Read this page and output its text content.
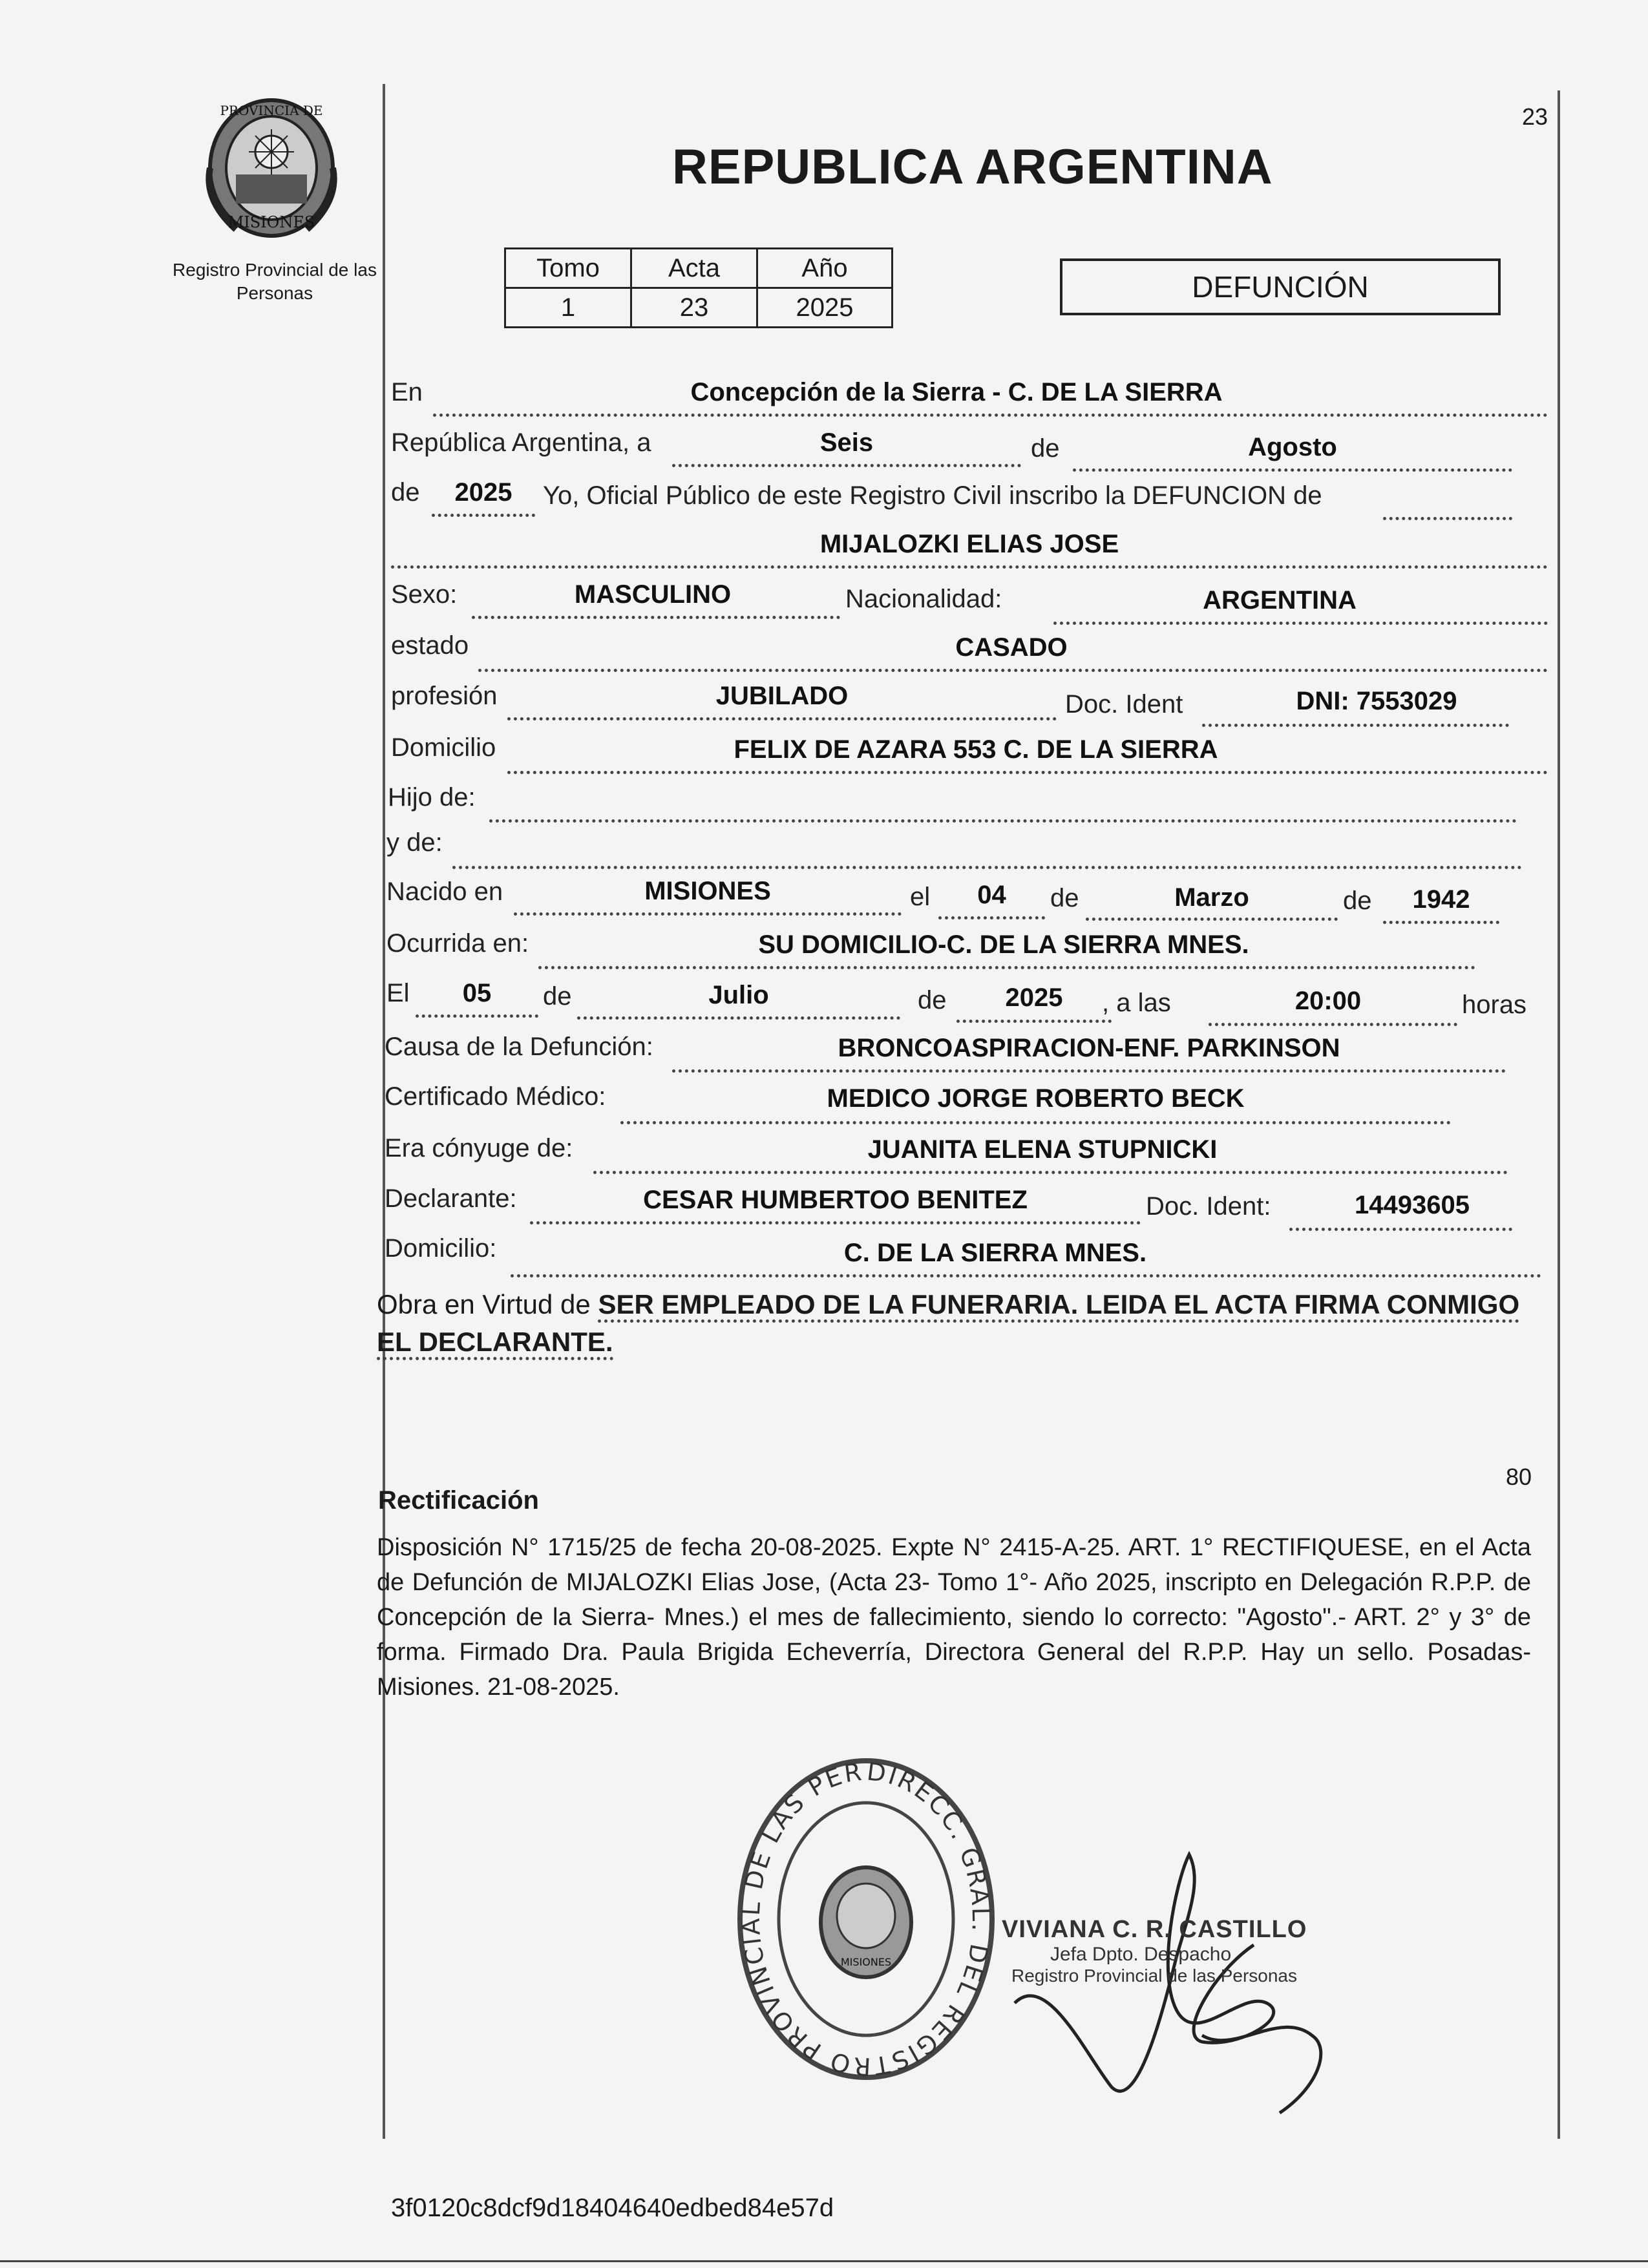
23
PROVINCIA DE
MISIONES
Registro Provincial de las Personas
REPUBLICA ARGENTINA
Tomo	Acta	Año
1	23	2025
DEFUNCIÓN
En	Concepción de la Sierra - C. DE LA SIERRA
República Argentina, a	Seis	de	Agosto
de	2025	Yo, Oficial Público de este Registro Civil inscribo la DEFUNCION de
MIJALOZKI ELIAS JOSE
Sexo:	MASCULINO	Nacionalidad:	ARGENTINA
estado	CASADO
profesión	JUBILADO	Doc. Ident	DNI: 7553029
Domicilio	FELIX DE AZARA 553 C. DE LA SIERRA
Hijo de:
y de:
Nacido en	MISIONES	el	04	de	Marzo	de	1942
Ocurrida en:	SU DOMICILIO-C. DE LA SIERRA MNES.
El	05	de	Julio	de	2025	, a las	20:00	horas
Causa de la Defunción:	BRONCOASPIRACION-ENF. PARKINSON
Certificado Médico:	MEDICO JORGE ROBERTO BECK
Era cónyuge de:	JUANITA ELENA STUPNICKI
Declarante:	CESAR HUMBERTOO BENITEZ	Doc. Ident:	14493605
Domicilio:	C. DE LA SIERRA MNES.
Obra en Virtud de SER EMPLEADO DE LA FUNERARIA. LEIDA EL ACTA FIRMA CONMIGO EL DECLARANTE.
80
Rectificación
Disposición N° 1715/25 de fecha 20-08-2025. Expte N° 2415-A-25. ART. 1° RECTIFIQUESE, en el Acta de Defunción de MIJALOZKI Elias Jose, (Acta 23- Tomo 1°- Año 2025, inscripto en Delegación R.P.P. de Concepción de la Sierra- Mnes.) el mes de fallecimiento, siendo lo correcto: "Agosto".- ART. 2° y 3° de forma. Firmado Dra. Paula Brigida Echeverría, Directora General del R.P.P. Hay un sello. Posadas- Misiones. 21-08-2025.
DIRECC. GRAL. DEL REGISTRO PROVINCIAL DE LAS PER
MISIONES
VIVIANA C. R. CASTILLO
Jefa Dpto. Despacho
Registro Provincial de las Personas
3f0120c8dcf9d18404640edbed84e57d
